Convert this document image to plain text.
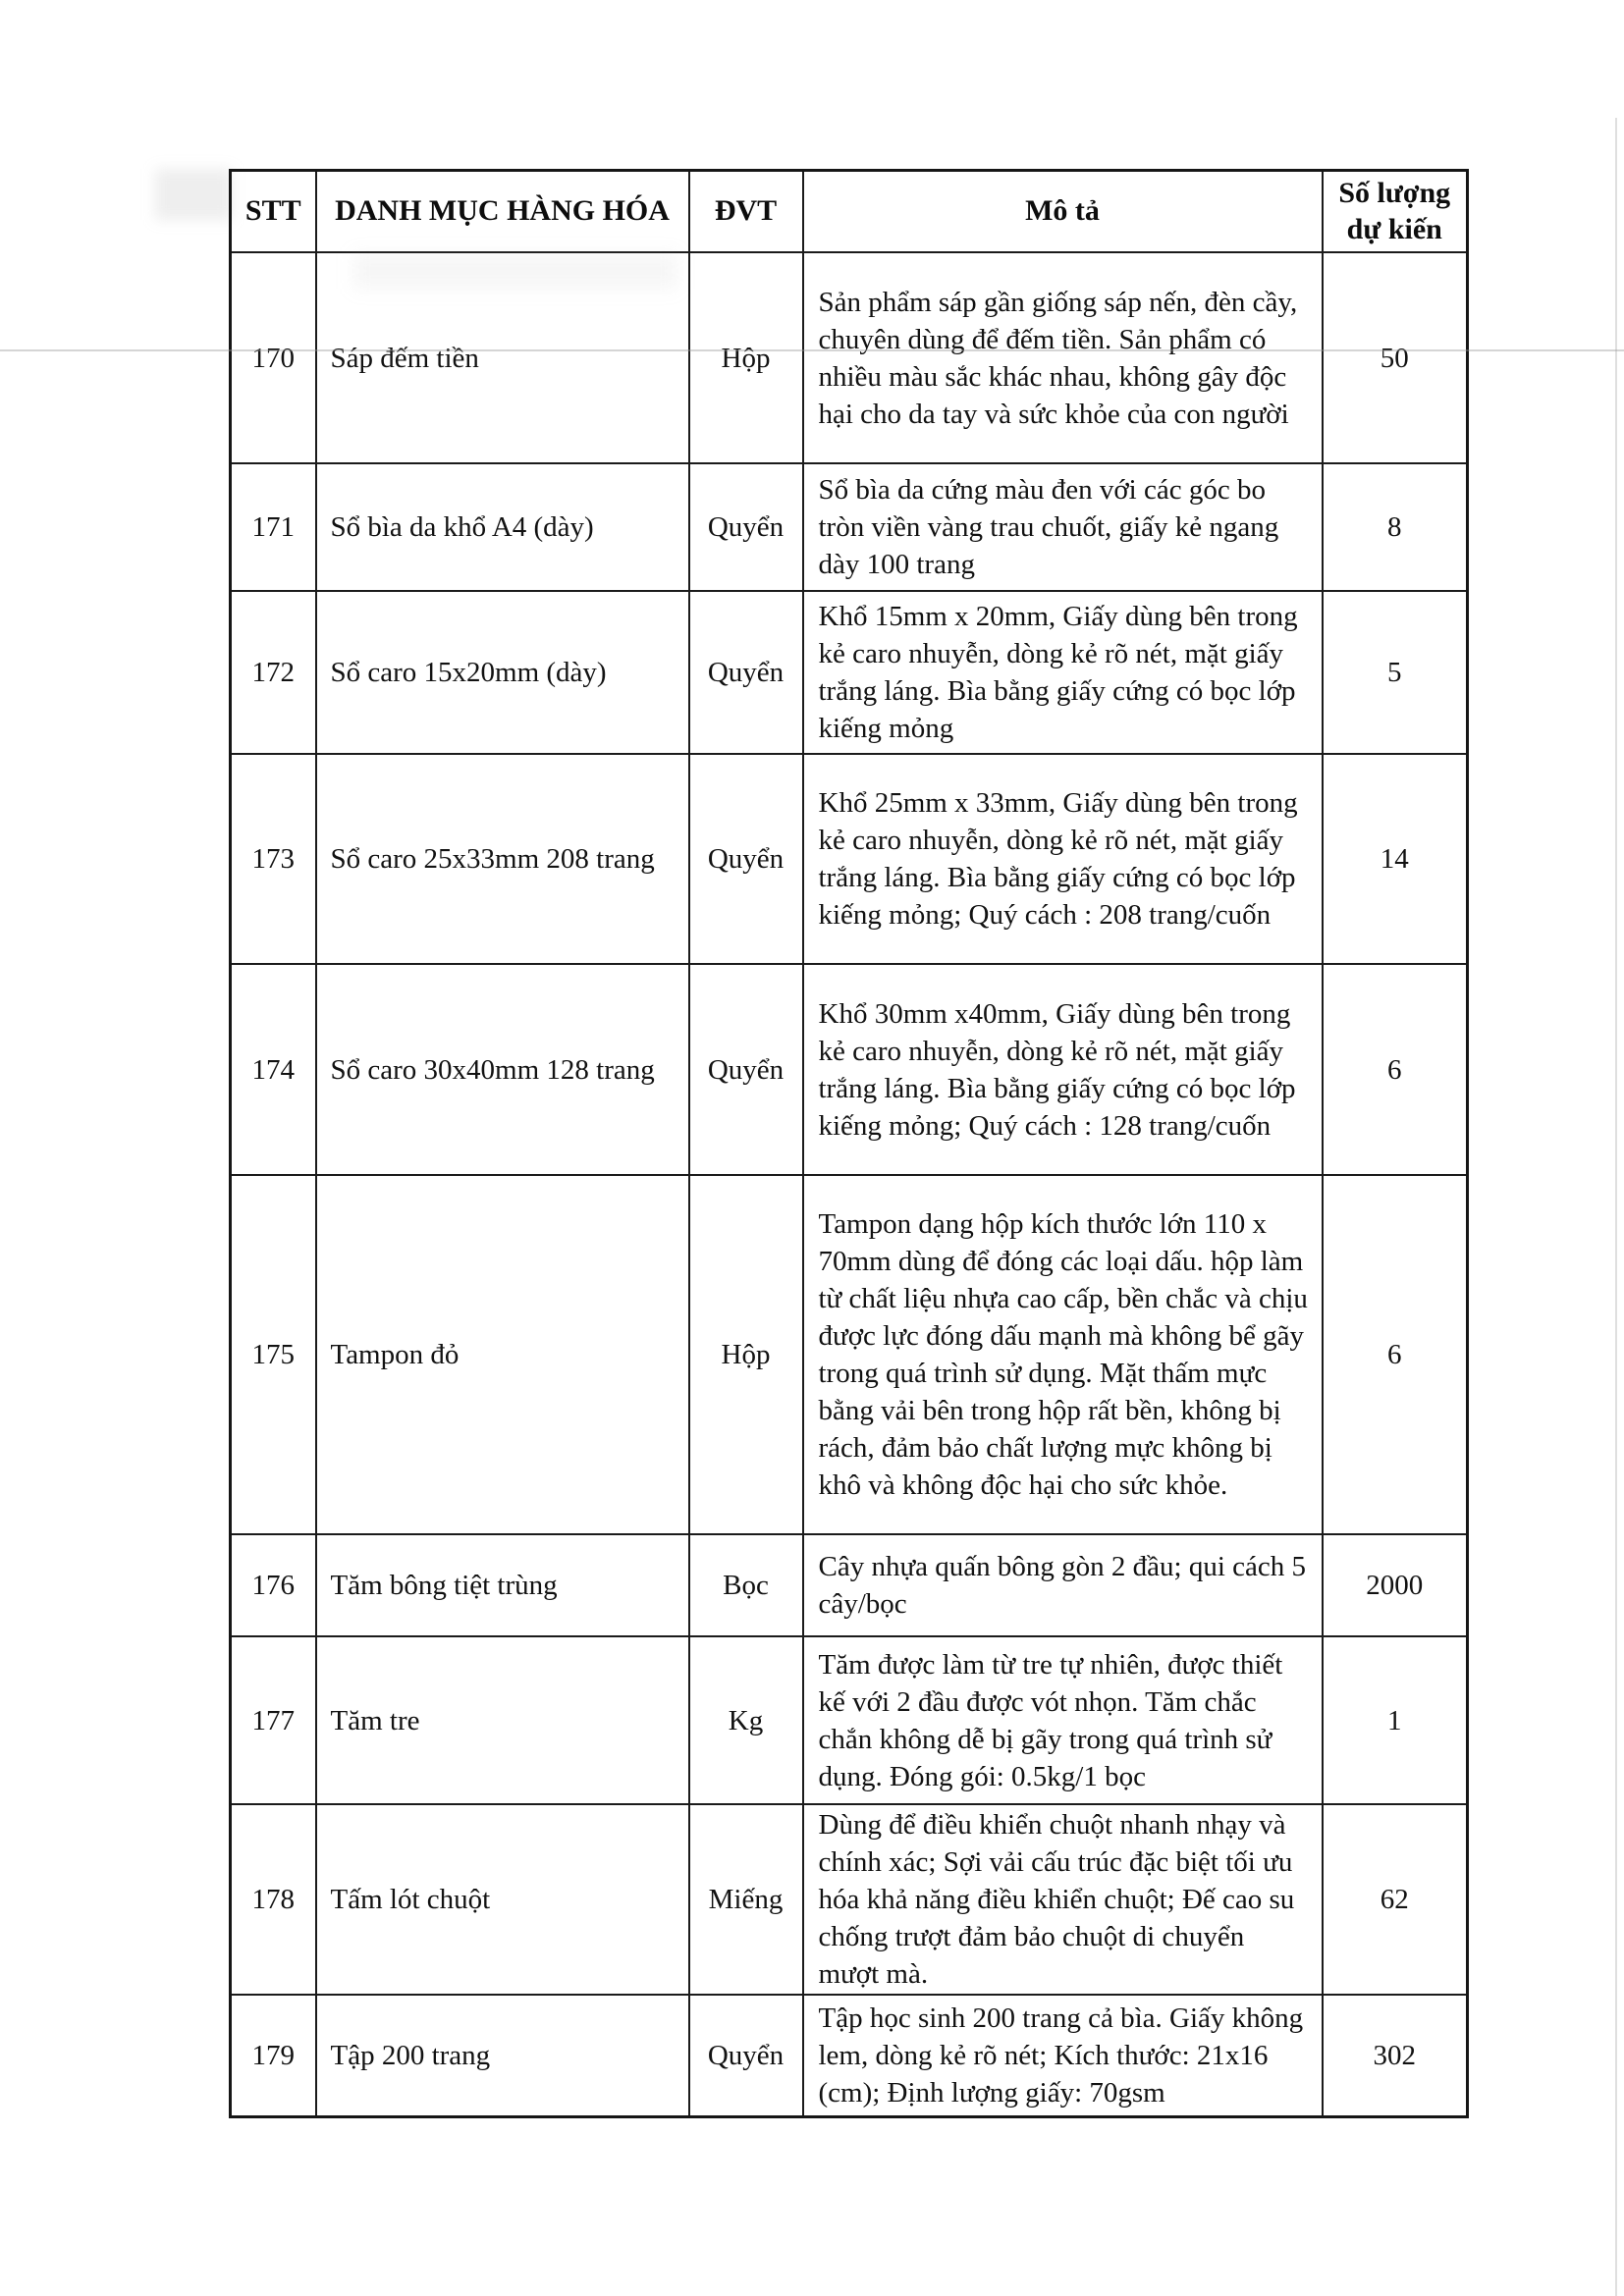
STT	DANH MỤC HÀNG HÓA	ĐVT	Mô tả	Số lượng dự kiến
170	Sáp đếm tiền	Hộp	Sản phẩm sáp gần giống sáp nến, đèn cầy, chuyên dùng để đếm tiền. Sản phẩm có nhiều màu sắc khác nhau, không gây độc hại cho da tay và sức khỏe của con người	50
171	Sổ bìa da khổ A4 (dày)	Quyển	Sổ bìa da cứng màu đen với các góc bo tròn viền vàng trau chuốt, giấy kẻ ngang dày 100 trang	8
172	Sổ caro 15x20mm (dày)	Quyển	Khổ 15mm x 20mm, Giấy dùng bên trong kẻ caro nhuyễn, dòng kẻ rõ nét, mặt giấy trắng láng. Bìa bằng giấy cứng có bọc lớp kiếng mỏng	5
173	Sổ caro 25x33mm 208 trang	Quyển	Khổ 25mm x 33mm, Giấy dùng bên trong kẻ caro nhuyễn, dòng kẻ rõ nét, mặt giấy trắng láng. Bìa bằng giấy cứng có bọc lớp kiếng mỏng; Quý cách : 208 trang/cuốn	14
174	Sổ caro 30x40mm 128 trang	Quyển	Khổ 30mm x40mm, Giấy dùng bên trong kẻ caro nhuyễn, dòng kẻ rõ nét, mặt giấy trắng láng. Bìa bằng giấy cứng có bọc lớp kiếng mỏng; Quý cách : 128 trang/cuốn	6
175	Tampon đỏ	Hộp	Tampon dạng hộp kích thước lớn 110 x 70mm dùng để đóng các loại dấu. hộp làm từ chất liệu nhựa cao cấp, bền chắc và chịu được lực đóng dấu mạnh mà không bể gãy trong quá trình sử dụng. Mặt thấm mực bằng vải bên trong hộp rất bền, không bị rách, đảm bảo chất lượng mực không bị khô và không độc hại cho sức khỏe.	6
176	Tăm bông tiệt trùng	Bọc	Cây nhựa quấn bông gòn 2 đầu; qui cách 5 cây/bọc	2000
177	Tăm tre	Kg	Tăm được làm từ tre tự nhiên, được thiết kế với 2 đầu được vót nhọn. Tăm chắc chắn không dễ bị gãy trong quá trình sử dụng. Đóng gói: 0.5kg/1 bọc	1
178	Tấm lót chuột	Miếng	Dùng để điều khiển chuột nhanh nhạy và chính xác; Sợi vải cấu trúc đặc biệt tối ưu hóa khả năng điều khiển chuột; Đế cao su chống trượt đảm bảo chuột di chuyển mượt mà.	62
179	Tập 200 trang	Quyển	Tập học sinh 200 trang cả bìa. Giấy không lem, dòng kẻ rõ nét; Kích thước: 21x16 (cm); Định lượng giấy: 70gsm	302
